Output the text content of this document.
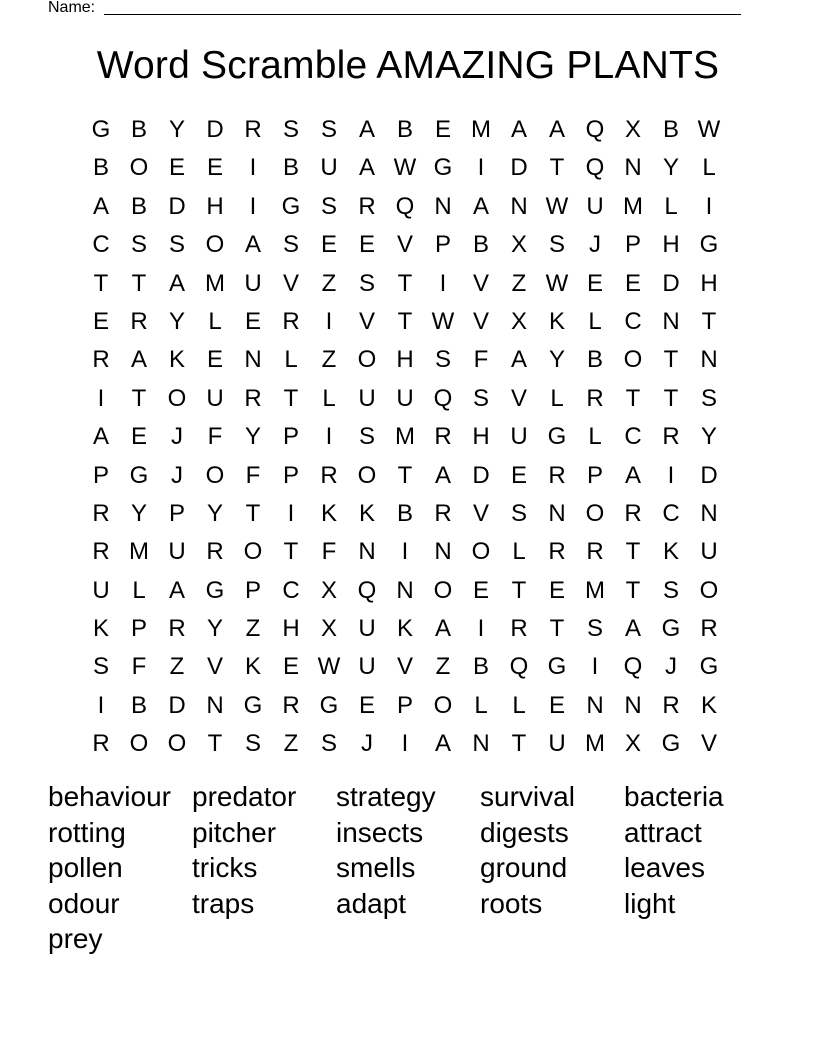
Name:
Word Scramble AMAZING PLANTS
G B Y D R S S A B E M A A Q X B W
B O E E	I	B U A W G	I	D T Q N Y L
A B D H	I	G S R Q N A N W U M L	I
C S S O A S E E V P B X S	J P H G
T T A M U V Z S T	I	V Z W E E D H
E R Y L E R	I	V T W V X K L C N T
R A K E N L Z O H S F A Y B O T N
I	T O U R T L U U Q S V L R T T S
A E	J	F Y P	I	S M R H U G L C R Y
P G J O F P R O T A D E R P A	I	D
R Y P Y T	I	K K B R V S N O R C N
R M U R O T F N	I	N O L R R T K U
U L A G P C X Q N O E T E M T S O
K P R Y Z H X U K A	I	R T S A G R
S F Z V K E W U V Z B Q G	I	Q J G
I	B D N G R G E P O L	L E N N R K
R O O T S Z S	J	I	A N T U M X G V
behaviour predator	strategy	survival	bacteria
rotting	pitcher	insects	digests	attract
pollen	tricks	smells	ground	leaves
odour	traps	adapt	roots	light
prey
